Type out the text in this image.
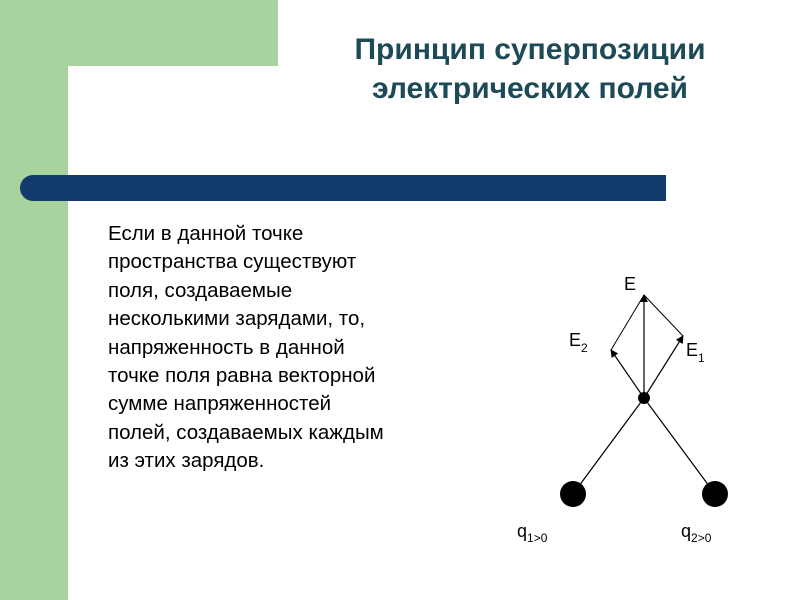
Принцип суперпозиции
электрических полей

Если в данной точке
пространства существуют
поля, создаваемые
несколькими зарядами, то,
напряженность в данной
точке поля равна векторной
сумме напряженностей
полей, создаваемых каждым
из этих зарядов.

E
$E_2$	$E_1$
$q_{1>0}$	$q_{2>0}$
